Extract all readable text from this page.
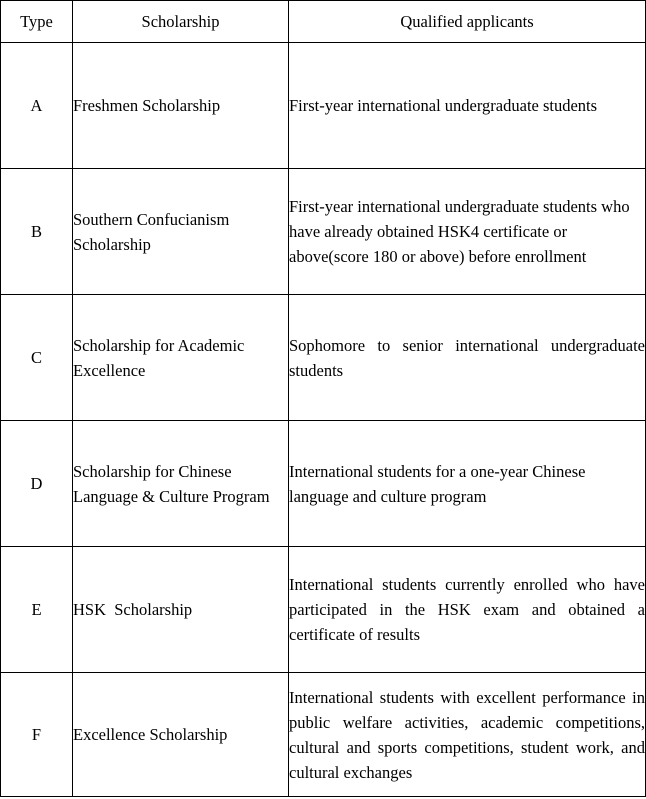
Type	Scholarship	Qualified applicants
A	Freshmen Scholarship	First-year international undergraduate students
B	Southern Confucianism Scholarship	First-year international undergraduate students who have already obtained HSK4 certificate or above(score 180 or above) before enrollment
C	Scholarship for Academic Excellence	Sophomore to senior international undergraduate students
D	Scholarship for Chinese Language & Culture Program	International students for a one-year Chinese language and culture program
E	HSK  Scholarship	International students currently enrolled who have participated in the HSK exam and obtained a certificate of results
F	Excellence Scholarship	International students with excellent performance in public welfare activities, academic competitions, cultural and sports competitions, student work, and cultural exchanges
